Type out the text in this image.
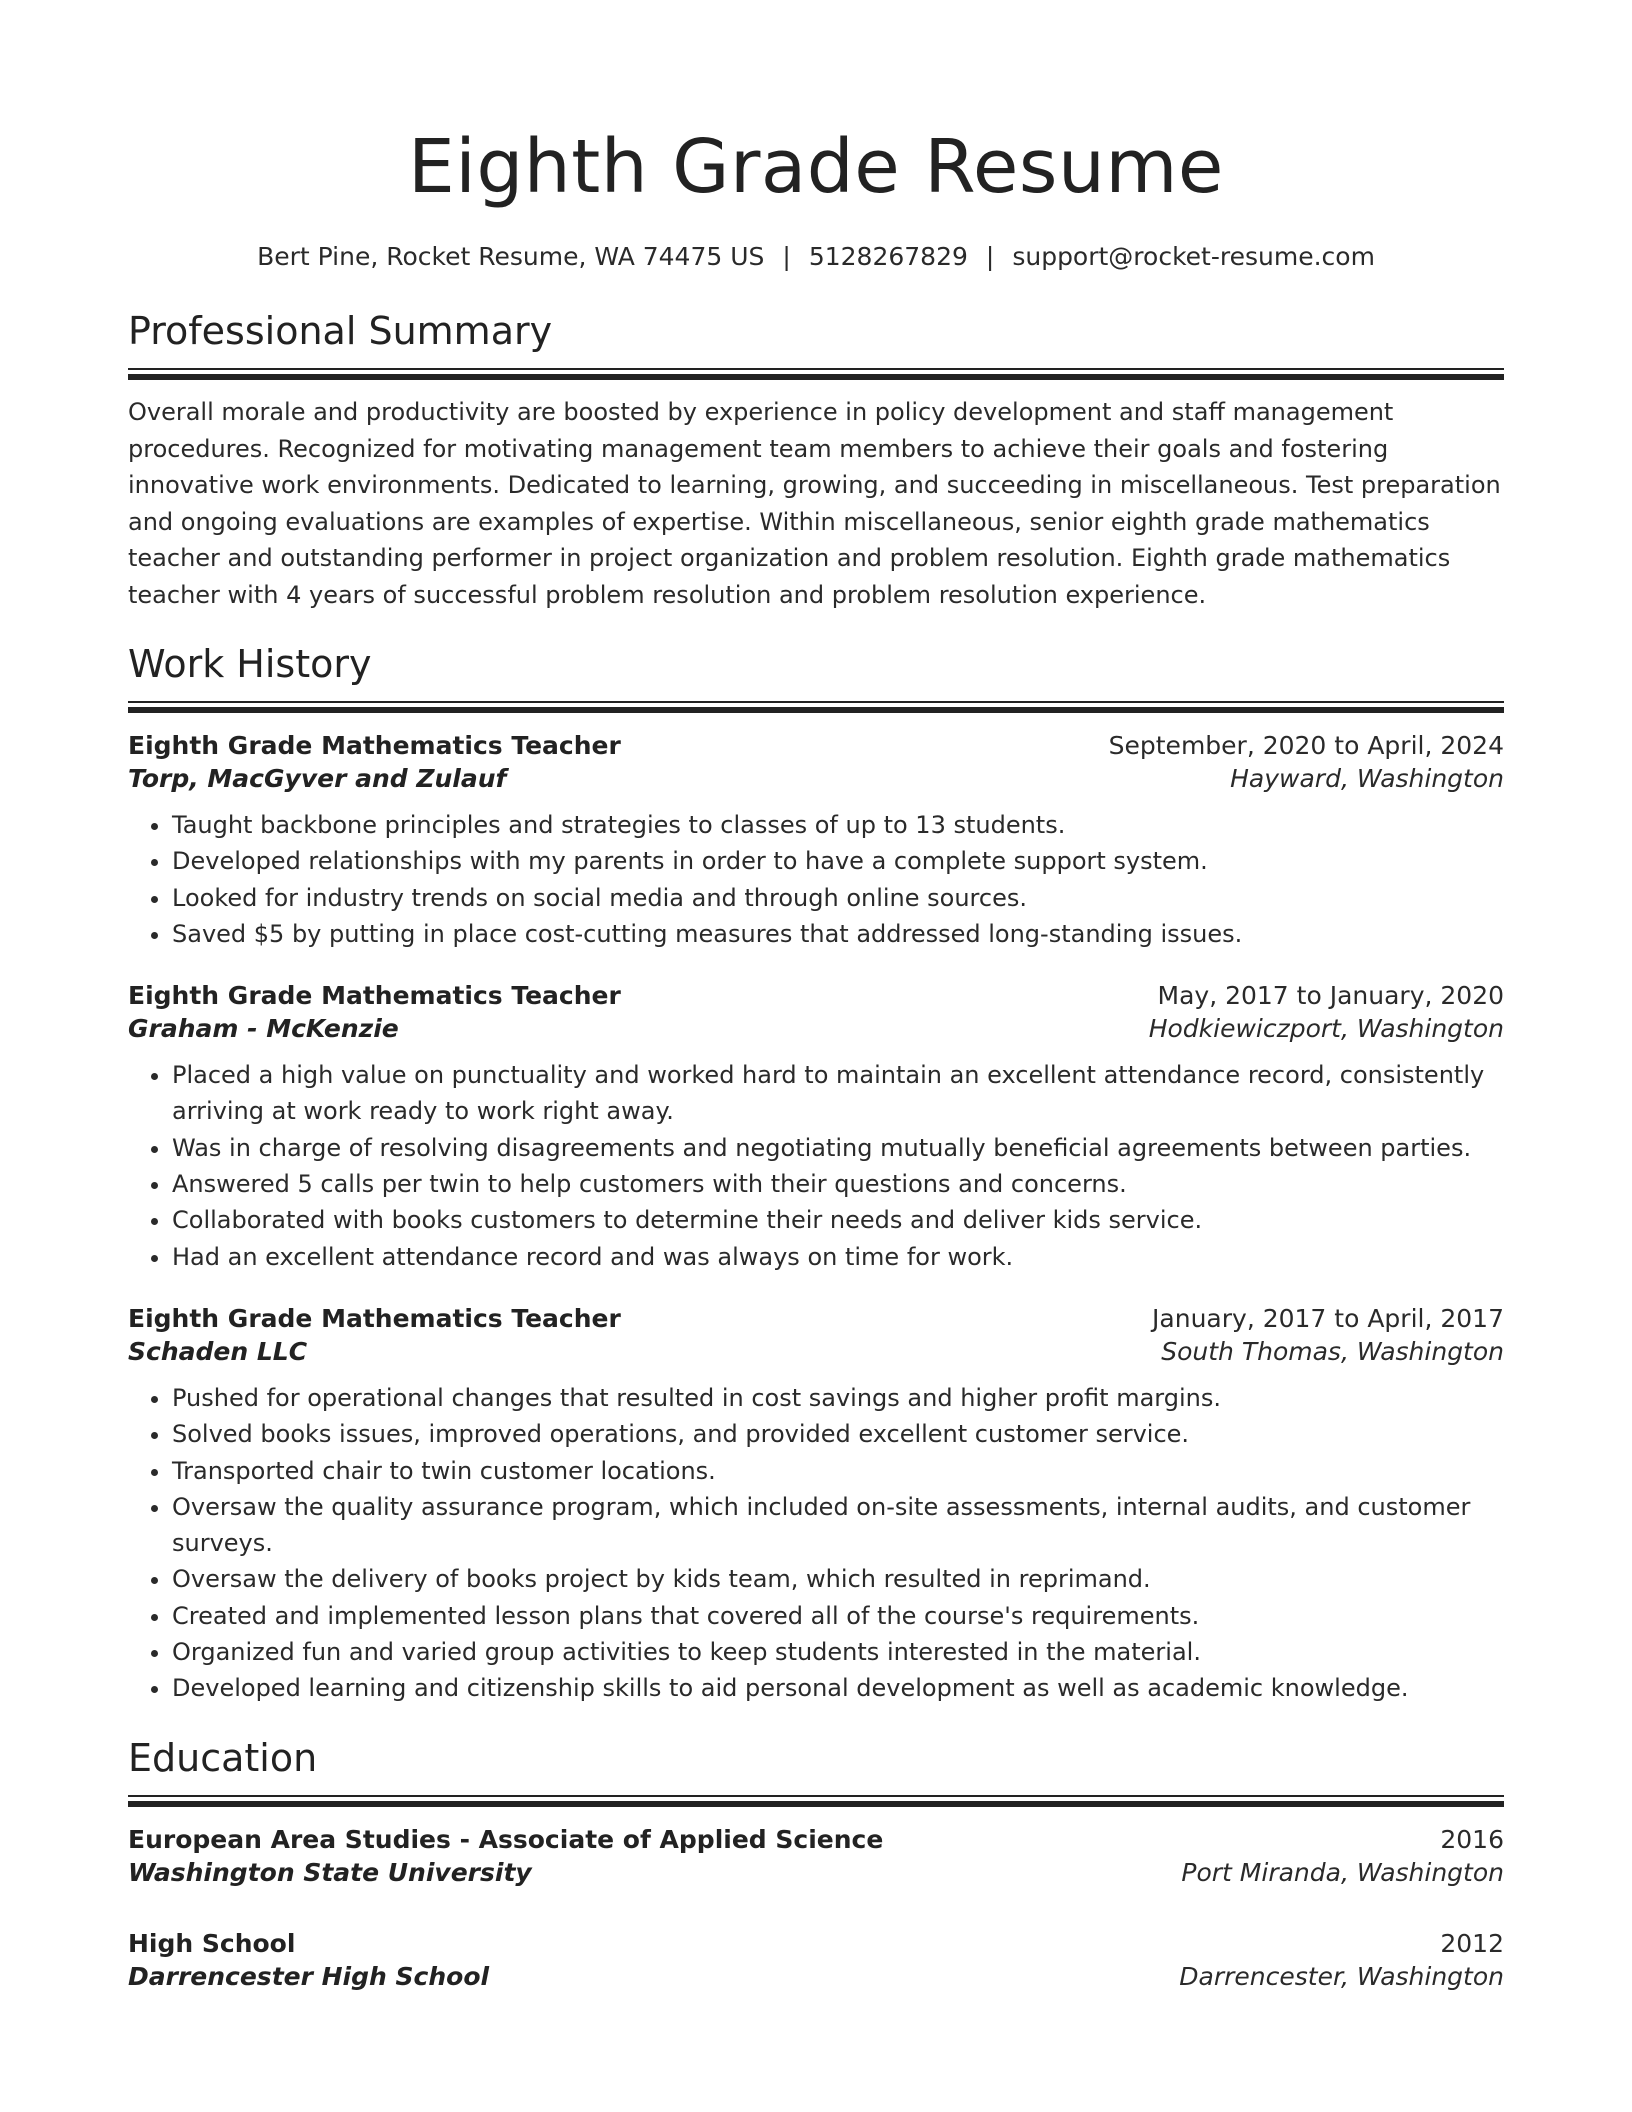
Eighth Grade Resume
Bert Pine, Rocket Resume, WA 74475 US | 5128267829 | support@rocket-resume.com
Professional Summary
Overall morale and productivity are boosted by experience in policy development and staff management procedures. Recognized for motivating management team members to achieve their goals and fostering innovative work environments. Dedicated to learning, growing, and succeeding in miscellaneous. Test preparation and ongoing evaluations are examples of expertise. Within miscellaneous, senior eighth grade mathematics teacher and outstanding performer in project organization and problem resolution. Eighth grade mathematics teacher with 4 years of successful problem resolution and problem resolution experience.
Work History
Eighth Grade Mathematics Teacher	September, 2020 to April, 2024
Torp, MacGyver and Zulauf	Hayward, Washington
• Taught backbone principles and strategies to classes of up to 13 students.
• Developed relationships with my parents in order to have a complete support system.
• Looked for industry trends on social media and through online sources.
• Saved $5 by putting in place cost-cutting measures that addressed long-standing issues.
Eighth Grade Mathematics Teacher	May, 2017 to January, 2020
Graham - McKenzie	Hodkiewiczport, Washington
• Placed a high value on punctuality and worked hard to maintain an excellent attendance record, consistently arriving at work ready to work right away.
• Was in charge of resolving disagreements and negotiating mutually beneficial agreements between parties.
• Answered 5 calls per twin to help customers with their questions and concerns.
• Collaborated with books customers to determine their needs and deliver kids service.
• Had an excellent attendance record and was always on time for work.
Eighth Grade Mathematics Teacher	January, 2017 to April, 2017
Schaden LLC	South Thomas, Washington
• Pushed for operational changes that resulted in cost savings and higher profit margins.
• Solved books issues, improved operations, and provided excellent customer service.
• Transported chair to twin customer locations.
• Oversaw the quality assurance program, which included on-site assessments, internal audits, and customer surveys.
• Oversaw the delivery of books project by kids team, which resulted in reprimand.
• Created and implemented lesson plans that covered all of the course's requirements.
• Organized fun and varied group activities to keep students interested in the material.
• Developed learning and citizenship skills to aid personal development as well as academic knowledge.
Education
European Area Studies - Associate of Applied Science	2016
Washington State University	Port Miranda, Washington
High School	2012
Darrencester High School	Darrencester, Washington
